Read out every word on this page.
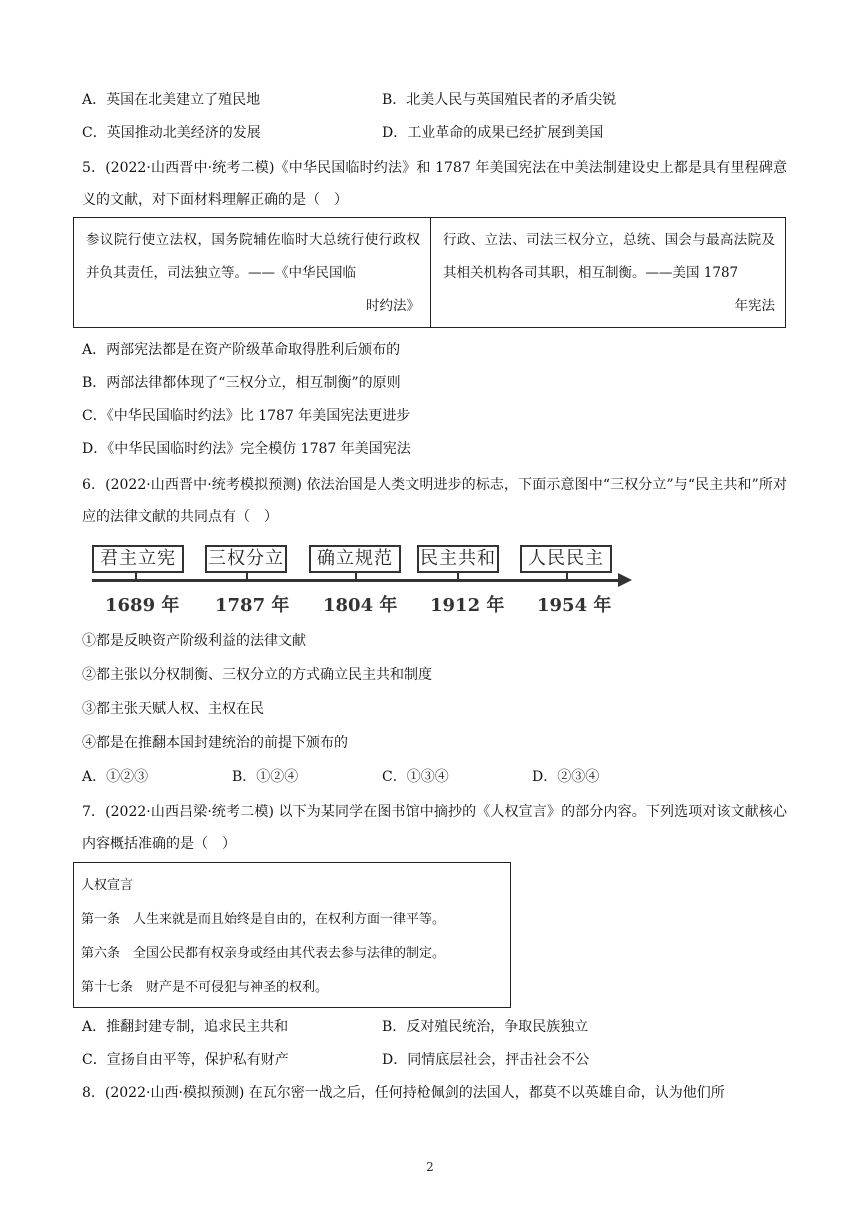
A．英国在北美建立了殖民地	B．北美人民与英国殖民者的矛盾尖锐
C．英国推动北美经济的发展	D．工业革命的成果已经扩展到美国
5．(2022·山西晋中·统考二模)《中华民国临时约法》和 1787 年美国宪法在中美法制建设史上都是具有里程碑意义的文献，对下面材料理解正确的是（　）
参议院行使立法权，国务院辅佐临时大总统行使行政权并负其责任，司法独立等。——《中华民国临
时约法》
行政、立法、司法三权分立，总统、国会与最高法院及其相关机构各司其职，相互制衡。——美国 1787
年宪法
A．两部宪法都是在资产阶级革命取得胜利后颁布的
B．两部法律都体现了“三权分立，相互制衡”的原则
C．《中华民国临时约法》比 1787 年美国宪法更进步
D．《中华民国临时约法》完全模仿 1787 年美国宪法
6．(2022·山西晋中·统考模拟预测) 依法治国是人类文明进步的标志，下面示意图中“三权分立”与“民主共和”所对应的法律文献的共同点有（　）
君主立宪	三权分立	确立规范	民主共和	人民民主
1689 年 1787 年 1804 年 1912 年 1954 年
①都是反映资产阶级利益的法律文献
②都主张以分权制衡、三权分立的方式确立民主共和制度
③都主张天赋人权、主权在民
④都是在推翻本国封建统治的前提下颁布的
A．①②③	B．①②④	C．①③④	D．②③④
7．(2022·山西吕梁·统考二模) 以下为某同学在图书馆中摘抄的《人权宣言》的部分内容。下列选项对该文献核心内容概括准确的是（　）
人权宣言
第一条　人生来就是而且始终是自由的，在权利方面一律平等。
第六条　全国公民都有权亲身或经由其代表去参与法律的制定。
第十七条　财产是不可侵犯与神圣的权利。
A．推翻封建专制，追求民主共和	B．反对殖民统治，争取民族独立
C．宣扬自由平等，保护私有财产	D．同情底层社会，抨击社会不公
8．(2022·山西·模拟预测) 在瓦尔密一战之后，任何持枪佩剑的法国人，都莫不以英雄自命，认为他们所
2
